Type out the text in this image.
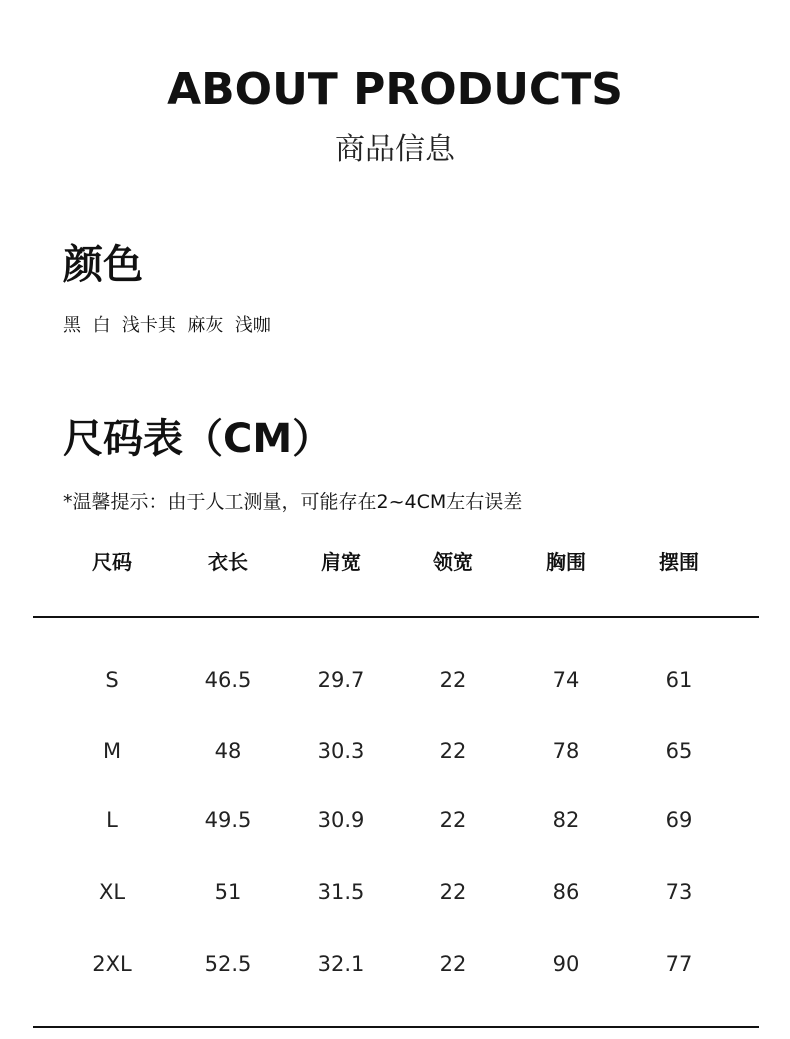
ABOUT PRODUCTS
商品信息
颜色
黑 白 浅卡其 麻灰 浅咖
尺码表（CM）
*温馨提示：由于人工测量，可能存在2~4CM左右误差
尺码	衣长	肩宽	领宽	胸围	摆围
S	46.5	29.7	22	74	61
M	48	30.3	22	78	65
L	49.5	30.9	22	82	69
XL	51	31.5	22	86	73
2XL	52.5	32.1	22	90	77
